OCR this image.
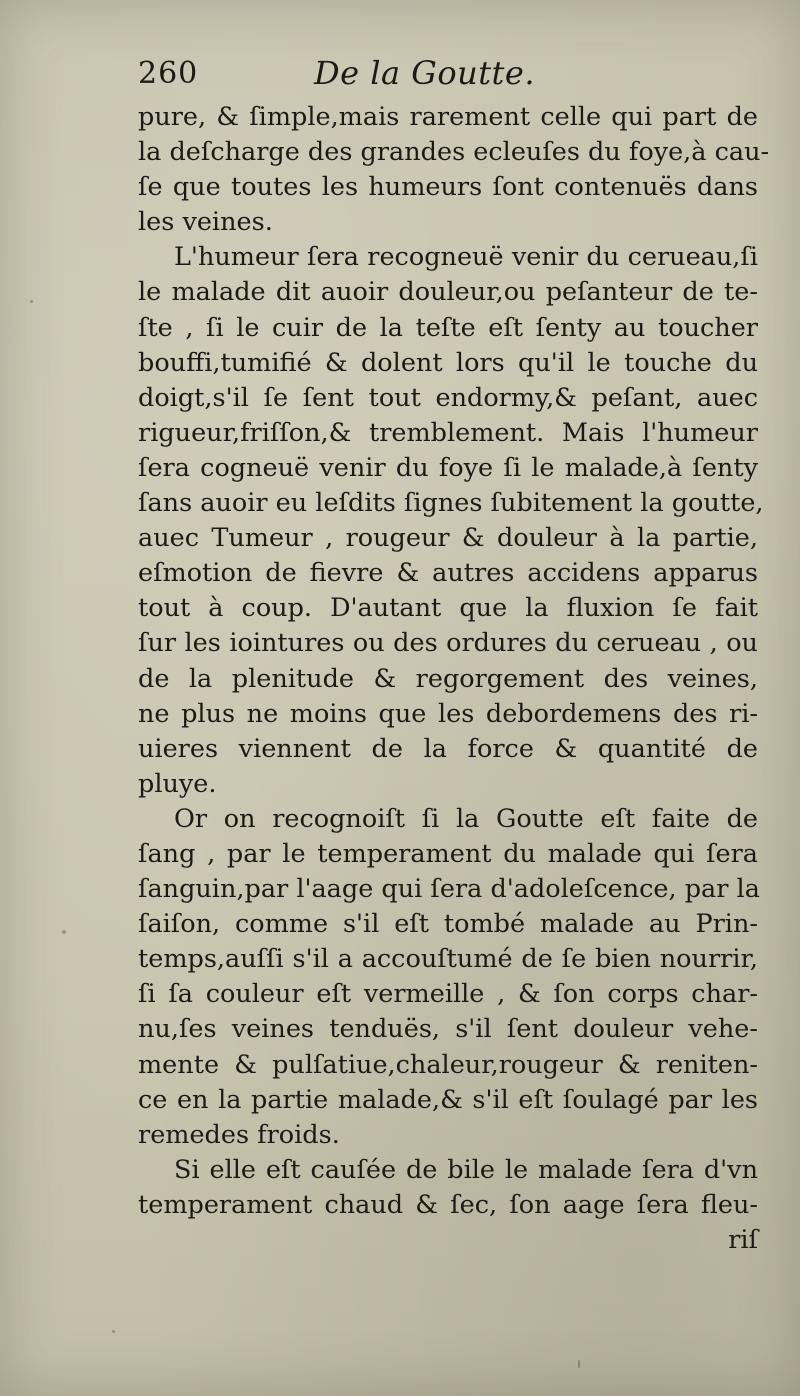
260	De la Goutte.
pure, & ſimple,mais rarement celle qui part de
la deſcharge des grandes ecleuſes du foye,à cau-
ſe que toutes les humeurs ſont contenuës dans
les veines.
L'humeur ſera recogneuë venir du cerueau,ſi
le malade dit auoir douleur,ou peſanteur de te-
ſte , ſi le cuir de la teſte eſt ſenty au toucher
bouffi,tumifié & dolent lors qu'il le touche du
doigt,s'il ſe ſent tout endormy,& peſant, auec
rigueur,friſſon,& tremblement. Mais l'humeur
ſera cogneuë venir du foye ſi le malade,à ſenty
ſans auoir eu leſdits ſignes ſubitement la goutte,
auec Tumeur , rougeur & douleur à la partie,
eſmotion de fievre & autres accidens apparus
tout à coup. D'autant que la fluxion ſe fait
ſur les iointures ou des ordures du cerueau , ou
de la plenitude & regorgement des veines,
ne plus ne moins que les debordemens des ri-
uieres viennent de la force & quantité de
pluye.
Or on recognoiſt ſi la Goutte eſt faite de
ſang , par le temperament du malade qui ſera
ſanguin,par l'aage qui ſera d'adoleſcence, par la
ſaiſon, comme s'il eſt tombé malade au Prin-
temps,auſſi s'il a accouſtumé de ſe bien nourrir,
ſi ſa couleur eſt vermeille , & ſon corps char-
nu,ſes veines tenduës, s'il ſent douleur vehe-
mente & pulſatiue,chaleur,rougeur & reniten-
ce en la partie malade,& s'il eſt ſoulagé par les
remedes froids.
Si elle eſt cauſée de bile le malade ſera d'vn
temperament chaud & ſec, ſon aage ſera fleu-
riſ
